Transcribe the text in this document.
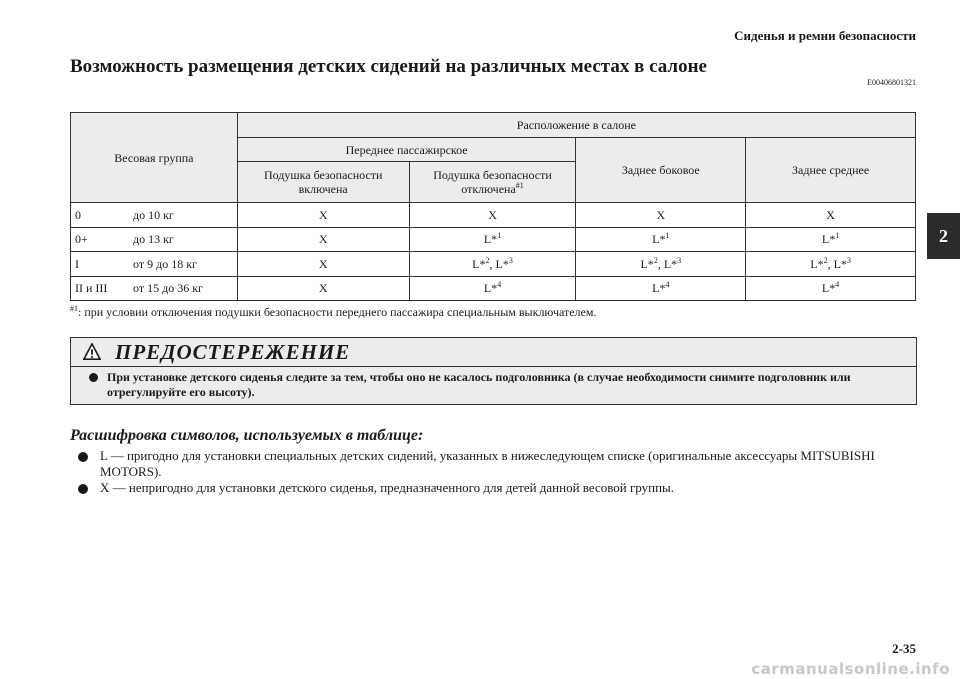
Сиденья и ремни безопасности
Возможность размещения детских сидений на различных местах в салоне
E00406801321
2
Весовая группа	Расположение в салоне			
	Переднее пассажирское		Заднее боковое	Заднее среднее
	Подушка безопасности включена	Подушка безопасности отключена$^{\#1}$
0 до 10 кг	X	X	X	X
0+ до 13 кг	X	L*$^1$	L*$^1$	L*$^1$
I от 9 до 18 кг	X	L*$^2$, L*$^3$	L*$^2$, L*$^3$	L*$^2$, L*$^3$
II и III от 15 до 36 кг	X	L*$^4$	L*$^4$	L*$^4$
$^{\#1}$: при условии отключения подушки безопасности переднего пассажира специальным выключателем.
ПРЕДОСТЕРЕЖЕНИЕ
При установке детского сиденья следите за тем, чтобы оно не касалось подголовника (в случае необходимости снимите подголовник или отрегулируйте его высоту).
Расшифровка символов, используемых в таблице:
L — пригодно для установки специальных детских сидений, указанных в нижеследующем списке (оригинальные аксессуары MITSUBISHI MOTORS).
X — непригодно для установки детского сиденья, предназначенного для детей данной весовой группы.
2-35
carmanualsonline.info
